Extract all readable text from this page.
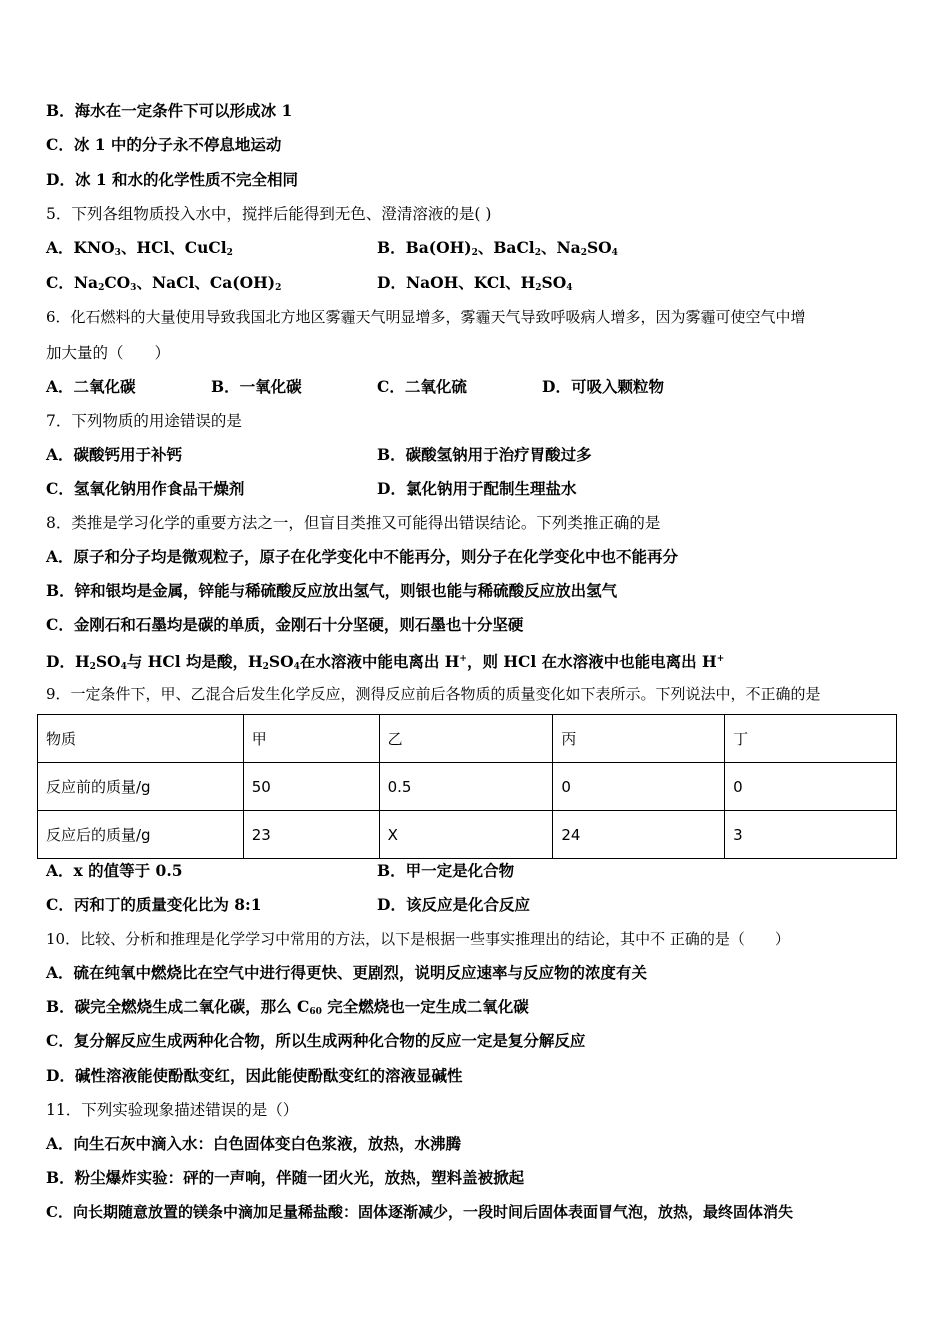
B．海水在一定条件下可以形成冰 1
C．冰 1 中的分子永不停息地运动
D．冰 1 和水的化学性质不完全相同
5．下列各组物质投入水中，搅拌后能得到无色、澄清溶液的是( )
A．$KNO_3$、HCl、CuCl$_2$	B．$Ba(OH)_2$、BaCl$_2$、$Na_2SO_4$
C．$Na_2CO_3$、NaCl、$Ca(OH)_2$	D．NaOH、KCl、$H_2SO_4$
6．化石燃料的大量使用导致我国北方地区雾霾天气明显增多，雾霾天气导致呼吸病人增多，因为雾霾可使空气中增
加大量的（　　）
A．二氧化碳	B．一氧化碳	C．二氧化硫	D．可吸入颗粒物
7．下列物质的用途错误的是
A．碳酸钙用于补钙	B．碳酸氢钠用于治疗胃酸过多
C．氢氧化钠用作食品干燥剂	D．氯化钠用于配制生理盐水
8．类推是学习化学的重要方法之一，但盲目类推又可能得出错误结论。下列类推正确的是
A．原子和分子均是微观粒子，原子在化学变化中不能再分，则分子在化学变化中也不能再分
B．锌和银均是金属，锌能与稀硫酸反应放出氢气，则银也能与稀硫酸反应放出氢气
C．金刚石和石墨均是碳的单质，金刚石十分坚硬，则石墨也十分坚硬
D．$H_2SO_4$与 HCl 均是酸，$H_2SO_4$在水溶液中能电离出 H+，则 HCl 在水溶液中也能电离出 H+
9．一定条件下，甲、乙混合后发生化学反应，测得反应前后各物质的质量变化如下表所示。下列说法中，不正确的是
物质	甲	乙	丙	丁
反应前的质量/g	50	0.5	0	0
反应后的质量/g	23	X	24	3
A．x 的值等于 0.5	B．甲一定是化合物
C．丙和丁的质量变化比为 8:1	D．该反应是化合反应
10．比较、分析和推理是化学学习中常用的方法，以下是根据一些事实推理出的结论，其中不 正确的是（　　）
A．硫在纯氧中燃烧比在空气中进行得更快、更剧烈，说明反应速率与反应物的浓度有关
B．碳完全燃烧生成二氧化碳，那么 $C_{60}$ 完全燃烧也一定生成二氧化碳
C．复分解反应生成两种化合物，所以生成两种化合物的反应一定是复分解反应
D．碱性溶液能使酚酞变红，因此能使酚酞变红的溶液显碱性
11．下列实验现象描述错误的是（）
A．向生石灰中滴入水：白色固体变白色浆液，放热，水沸腾
B．粉尘爆炸实验：砰的一声响，伴随一团火光，放热，塑料盖被掀起
C．向长期随意放置的镁条中滴加足量稀盐酸：固体逐渐减少，一段时间后固体表面冒气泡，放热，最终固体消失
